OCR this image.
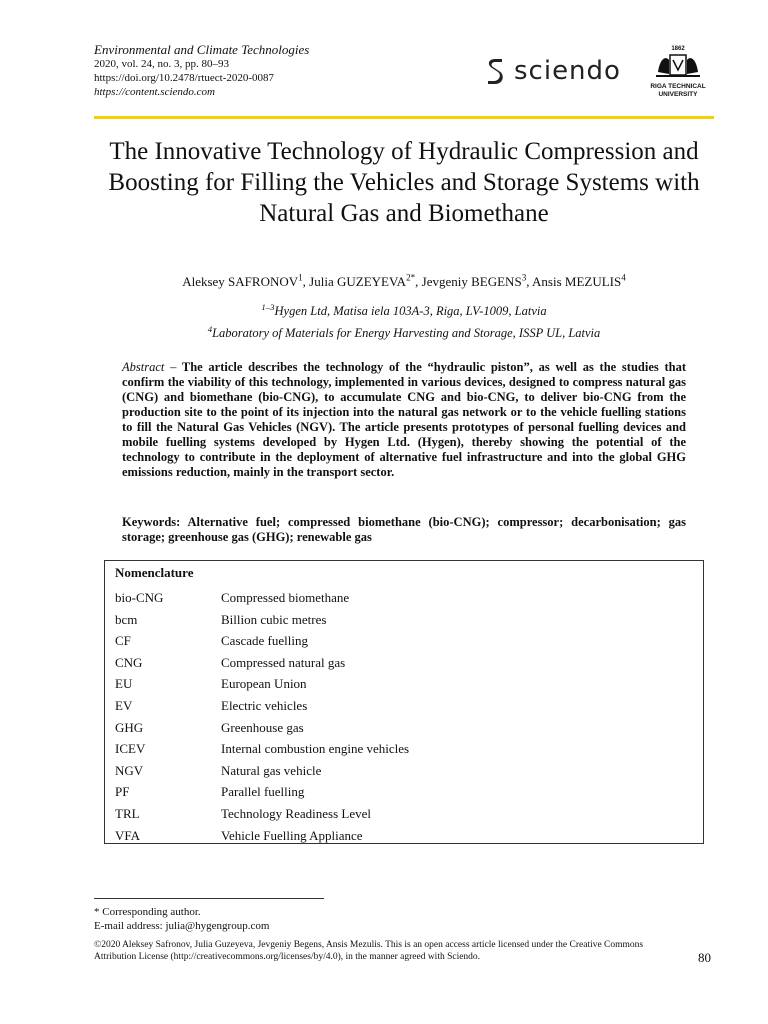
Environmental and Climate Technologies
2020, vol. 24, no. 3, pp. 80–93
https://doi.org/10.2478/rtuect-2020-0087
https://content.sciendo.com
sciendo
1862
RIGA TECHNICAL
UNIVERSITY
The Innovative Technology of Hydraulic Compression and Boosting for Filling the Vehicles and Storage Systems with Natural Gas and Biomethane
Aleksey SAFRONOV$^1$, Julia $GUZEYEVA^{2*}$, Jevgeniy BEGENS$^3$, Ansis MEZULIS$^4$
$^{1-3}$Hygen Ltd, Matisa iela 103A-3, Riga, LV-1009, Latvia
$^4$Laboratory of Materials for Energy Harvesting and Storage, ISSP UL, Latvia
Abstract – The article describes the technology of the “hydraulic piston”, as well as the studies that confirm the viability of this technology, implemented in various devices, designed to compress natural gas (CNG) and biomethane (bio-CNG), to accumulate CNG and bio-CNG, to deliver bio-CNG from the production site to the point of its injection into the natural gas network or to the vehicle fuelling stations to fill the Natural Gas Vehicles (NGV). The article presents prototypes of personal fuelling devices and mobile fuelling systems developed by Hygen Ltd. (Hygen), thereby showing the potential of the technology to contribute in the deployment of alternative fuel infrastructure and into the global GHG emissions reduction, mainly in the transport sector.
Keywords: Alternative fuel; compressed biomethane (bio-CNG); compressor; decarbonisation; gas storage; greenhouse gas (GHG); renewable gas
Nomenclature
bio-CNG	Compressed biomethane
bcm	Billion cubic metres
CF	Cascade fuelling
CNG	Compressed natural gas
EU	European Union
EV	Electric vehicles
GHG	Greenhouse gas
ICEV	Internal combustion engine vehicles
NGV	Natural gas vehicle
PF	Parallel fuelling
TRL	Technology Readiness Level
VFA	Vehicle Fuelling Appliance
* Corresponding author.
E-mail address: julia@hygengroup.com
©2020 Aleksey Safronov, Julia Guzeyeva, Jevgeniy Begens, Ansis Mezulis. This is an open access article licensed under the Creative Commons Attribution License (http://creativecommons.org/licenses/by/4.0), in the manner agreed with Sciendo.	80
